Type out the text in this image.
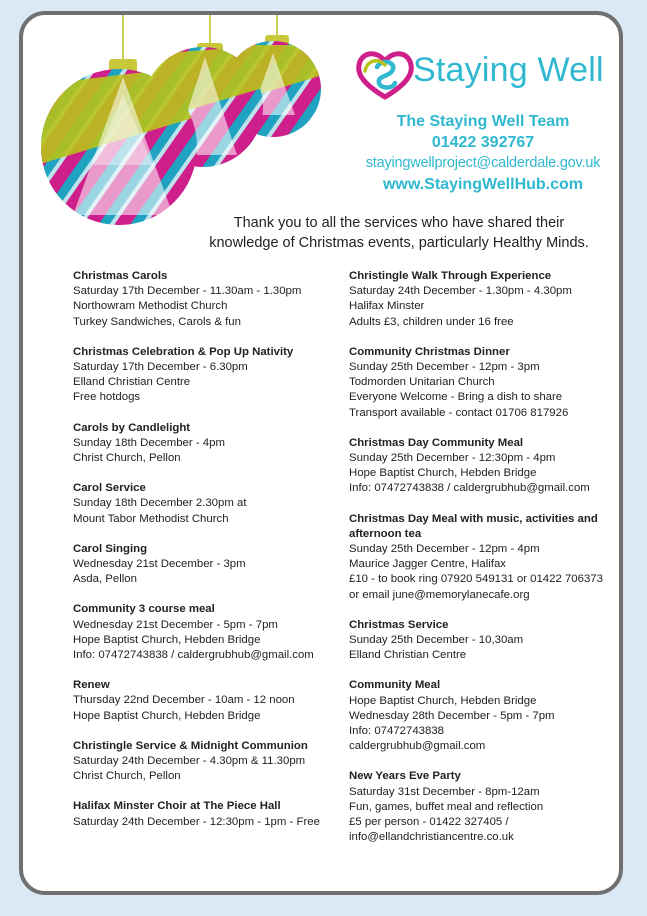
Staying Well
The Staying Well Team
01422 392767
stayingwellproject@calderdale.gov.uk
www.StayingWellHub.com
Thank you to all the services who have shared their
knowledge of Christmas events, particularly Healthy Minds.
Christmas Carols
Saturday 17th December - 11.30am - 1.30pm
Northowram Methodist Church
Turkey Sandwiches, Carols & fun
Christmas Celebration & Pop Up Nativity
Saturday 17th December - 6.30pm
Elland Christian Centre
Free hotdogs
Carols by Candlelight
Sunday 18th December - 4pm
Christ Church, Pellon
Carol Service
Sunday 18th December 2.30pm at
Mount Tabor Methodist Church
Carol Singing
Wednesday 21st December - 3pm
Asda, Pellon
Community 3 course meal
Wednesday 21st December - 5pm - 7pm
Hope Baptist Church, Hebden Bridge
Info: 07472743838 / caldergrubhub@gmail.com
Renew
Thursday 22nd December - 10am - 12 noon
Hope Baptist Church, Hebden Bridge
Christingle Service & Midnight Communion
Saturday 24th December - 4.30pm & 11.30pm
Christ Church, Pellon
Halifax Minster Choir at The Piece Hall
Saturday 24th December - 12:30pm - 1pm - Free
Christingle Walk Through Experience
Saturday 24th December - 1.30pm - 4.30pm
Halifax Minster
Adults £3, children under 16 free
Community Christmas Dinner
Sunday 25th December - 12pm - 3pm
Todmorden Unitarian Church
Everyone Welcome - Bring a dish to share
Transport available - contact 01706 817926
Christmas Day Community Meal
Sunday 25th December - 12:30pm - 4pm
Hope Baptist Church, Hebden Bridge
Info: 07472743838 / caldergrubhub@gmail.com
Christmas Day Meal with music, activities and afternoon tea
Sunday 25th December - 12pm - 4pm
Maurice Jagger Centre, Halifax
£10 - to book ring 07920 549131 or 01422 706373
or email june@memorylanecafe.org
Christmas Service
Sunday 25th December - 10,30am
Elland Christian Centre
Community Meal
Hope Baptist Church, Hebden Bridge
Wednesday 28th December - 5pm - 7pm
Info: 07472743838
caldergrubhub@gmail.com
New Years Eve Party
Saturday 31st December - 8pm-12am
Fun, games, buffet meal and reflection
£5 per person - 01422 327405 /
info@ellandchristiancentre.co.uk
